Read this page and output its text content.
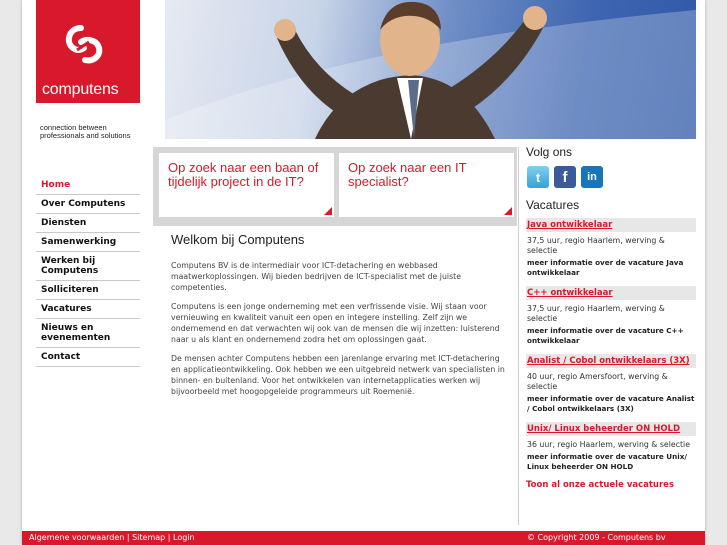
computens
connection between professionals and solutions
Home
Over Computens
Diensten
Samenwerking
Werken bij Computens
Solliciteren
Vacatures
Nieuws en evenementen
Contact
Op zoek naar een baan of tijdelijk project in de IT?
Op zoek naar een IT specialist?
Welkom bij Computens

Computens BV is de intermediair voor ICT-detachering en webbased maatwerkoplossingen. Wij bieden bedrijven de ICT-specialist met de juiste competenties.

Computens is een jonge onderneming met een verfrissende visie. Wij staan voor vernieuwing en kwaliteit vanuit een open en integere instelling. Zelf zijn we ondernemend en dat verwachten wij ook van de mensen die wij inzetten: luisterend naar u als klant en ondernemend zodra het om oplossingen gaat.

De mensen achter Computens hebben een jarenlange ervaring met ICT-detachering en applicatieontwikkeling. Ook hebben we een uitgebreid netwerk van specialisten in binnen- en buitenland. Voor het ontwikkelen van internetapplicaties werken wij bijvoorbeeld met hoogopgeleide programmeurs uit Roemenië.

Volg ons
t	f	in
Vacatures
Java ontwikkelaar
37,5 uur, regio Haarlem, werving & selectie
meer informatie over de vacature Java ontwikkelaar
C++ ontwikkelaar
37,5 uur, regio Haarlem, werving & selectie
meer informatie over de vacature C++ ontwikkelaar
Analist / Cobol ontwikkelaars (3X)
40 uur, regio Amersfoort, werving & selectie
meer informatie over de vacature Analist / Cobol ontwikkelaars (3X)
Unix/ Linux beheerder ON HOLD
36 uur, regio Haarlem, werving & selectie
meer informatie over de vacature Unix/ Linux beheerder ON HOLD
Toon al onze actuele vacatures
Algemene voorwaarden | Sitemap | Login	© Copyright 2009 - Computens bv
